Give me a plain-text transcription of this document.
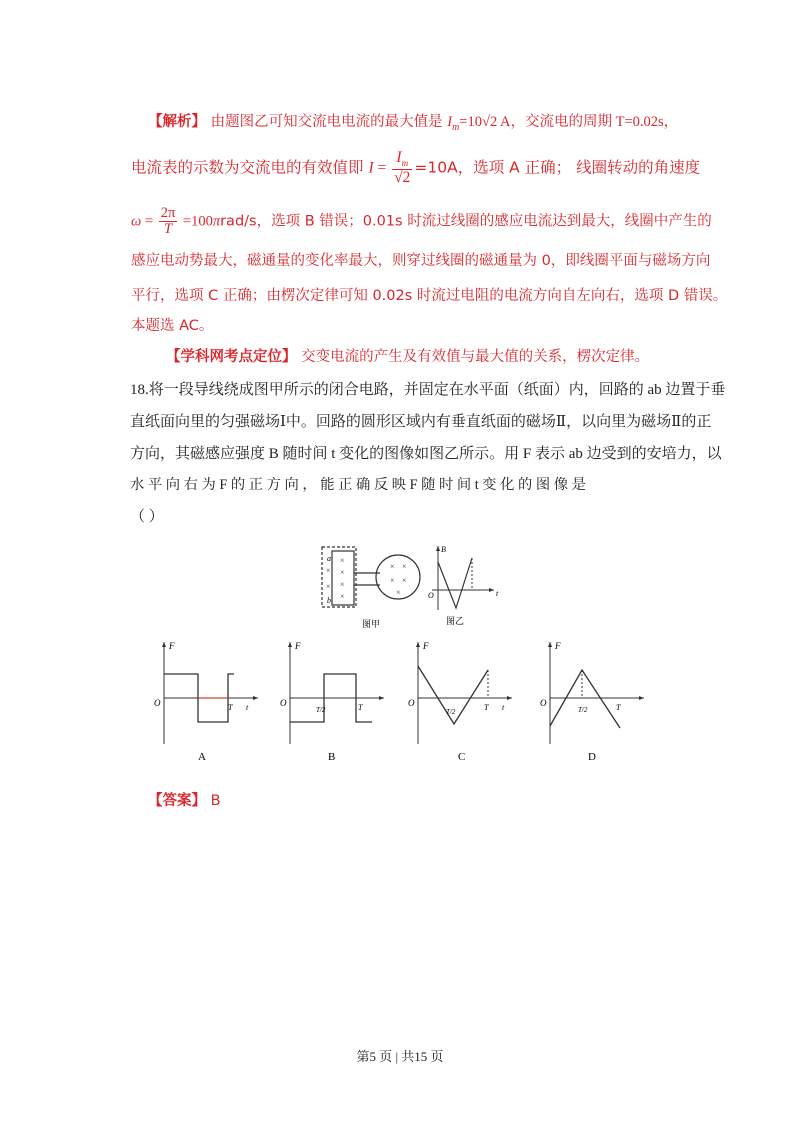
【解析】 由题图乙可知交流电电流的最大值是 $I_m=10√2$ A，交流电的周期 T=0.02s，
电流表的示数为交流电的有效值即 $I = \frac{I_m}{√2} =10A$，选项 A 正确； 线圈转动的角速度
$\omega = \frac{2\pi}{T} =100\pi rad/s$，选项 B 错误；0.01s 时流过线圈的感应电流达到最大，线圈中产生的
感应电动势最大，磁通量的变化率最大，则穿过线圈的磁通量为 0，即线圈平面与磁场方向
平行，选项 C 正确；由楞次定律可知 0.02s 时流过电阻的电流方向自左向右，选项 D 错误。
本题选 AC。
【学科网考点定位】 交变电流的产生及有效值与最大值的关系，楞次定律。
18.将一段导线绕成图甲所示的闭合电路，并固定在水平面（纸面）内，回路的 ab 边置于垂
直纸面向里的匀强磁场Ⅰ中。回路的圆形区域内有垂直纸面的磁场Ⅱ，以向里为磁场Ⅱ的正
方向，其磁感应强度 B 随时间 t 变化的图像如图乙所示。用 F 表示 ab 边受到的安培力，以
水 平 向 右 为 F 的 正 方 向 ， 能 正 确 反 映 F 随 时 间 t 变 化 的 图 像 是
（ ）
a
b
×
×
×
×
×
×
× ×
× ×
×
图甲
B
t
O
图乙
F
O	T t
A
F
O
T/2	T
B
F
O
T/2	T t
C
F
O
T/2	T
D
【答案】 B
第5 页 | 共15 页
